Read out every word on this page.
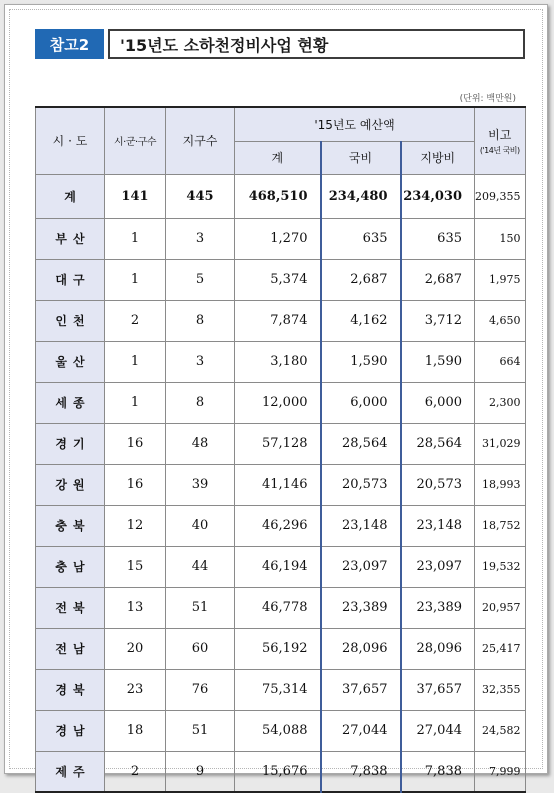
참고2	'15년도 소하천정비사업 현황
(단위: 백만원)
시 · 도	시·군·구수	지구수	'15년도 예산액			비고
('14년 국비)

			계	국비	지방비	
계	141	445	468,510	234,480	234,030	209,355
부산	1	3	1,270	635	635	150
대구	1	5	5,374	2,687	2,687	1,975
인천	2	8	7,874	4,162	3,712	4,650
울산	1	3	3,180	1,590	1,590	664
세종	1	8	12,000	6,000	6,000	2,300
경기	16	48	57,128	28,564	28,564	31,029
강원	16	39	41,146	20,573	20,573	18,993
충북	12	40	46,296	23,148	23,148	18,752
충남	15	44	46,194	23,097	23,097	19,532
전북	13	51	46,778	23,389	23,389	20,957
전남	20	60	56,192	28,096	28,096	25,417
경북	23	76	75,314	37,657	37,657	32,355
경남	18	51	54,088	27,044	27,044	24,582
제주	2	9	15,676	7,838	7,838	7,999
